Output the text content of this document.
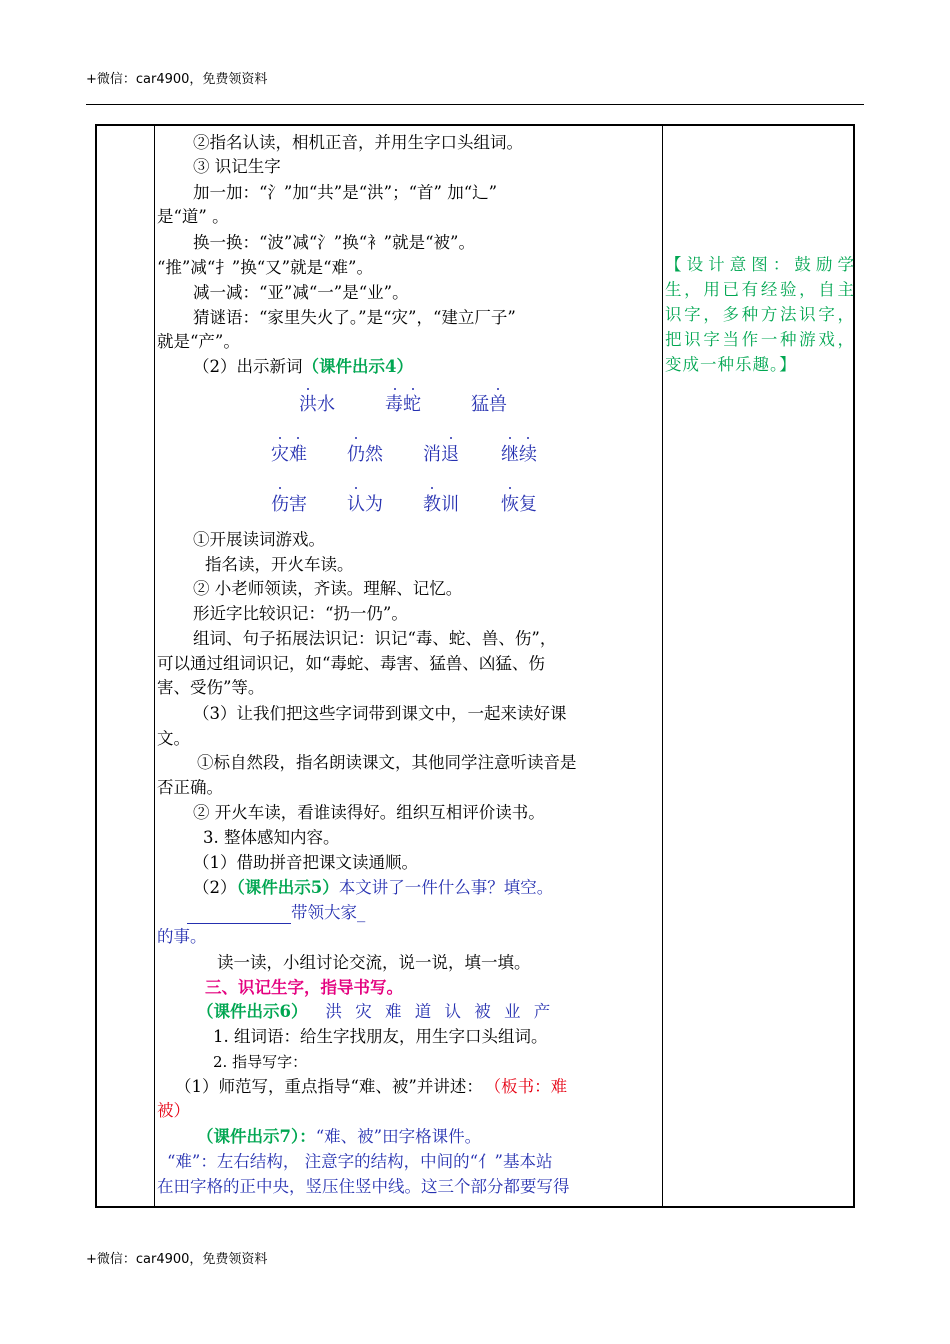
+微信：car4900，免费领资料
②指名认读，相机正音，并用生字口头组词。
③ 识记生字
加一加：“氵”加“共”是“洪”；“首” 加“辶”
是“道” 。
换一换：“波”减“氵”换“衤”就是“被”。
“推”减“扌”换“又”就是“难”。
减一减：“亚”减“一”是“业”。
猜谜语：“家里失火了。”是“灾”，“建立厂子”
就是“产”。
（2）出示新词（课件出示4）
洪水	毒蛇	猛兽
灾难 仍然 消退 继续
伤害 认为 教训 恢复
①开展读词游戏。
指名读，开火车读。
② 小老师领读，齐读。理解、记忆。
形近字比较识记：“扔一仍”。
组词、句子拓展法识记：识记“毒、蛇、兽、伤”，
可以通过组词识记，如“毒蛇、毒害、猛兽、凶猛、伤
害、受伤”等。
（3）让我们把这些字词带到课文中，一起来读好课
文。
①标自然段，指名朗读课文，其他同学注意听读音是
否正确。
② 开火车读，看谁读得好。组织互相评价读书。
3. 整体感知内容。
（1）借助拼音把课文读通顺。
（2）（课件出示5）本文讲了一件什么事？填空。
带领大家_
的事。
读一读，小组讨论交流，说一说，填一填。
三、识记生字，指导书写。
（课件出示6） 洪 灾 难 道 认 被 业 产
1. 组词语：给生字找朋友，用生字口头组词。
2. 指导写字：
（1）师范写，重点指导“难、被”并讲述： （板书：难
被）
（课件出示7）：“难、被”田字格课件。
“难”：左右结构， 注意字的结构，中间的“亻”基本站
在田字格的正中央，竖压住竖中线。这三个部分都要写得
【设计意图：鼓励学生，用已有经验，自主识字，多种方法识字，把识字当作一种游戏，变成一种乐趣。】
+微信：car4900，免费领资料
